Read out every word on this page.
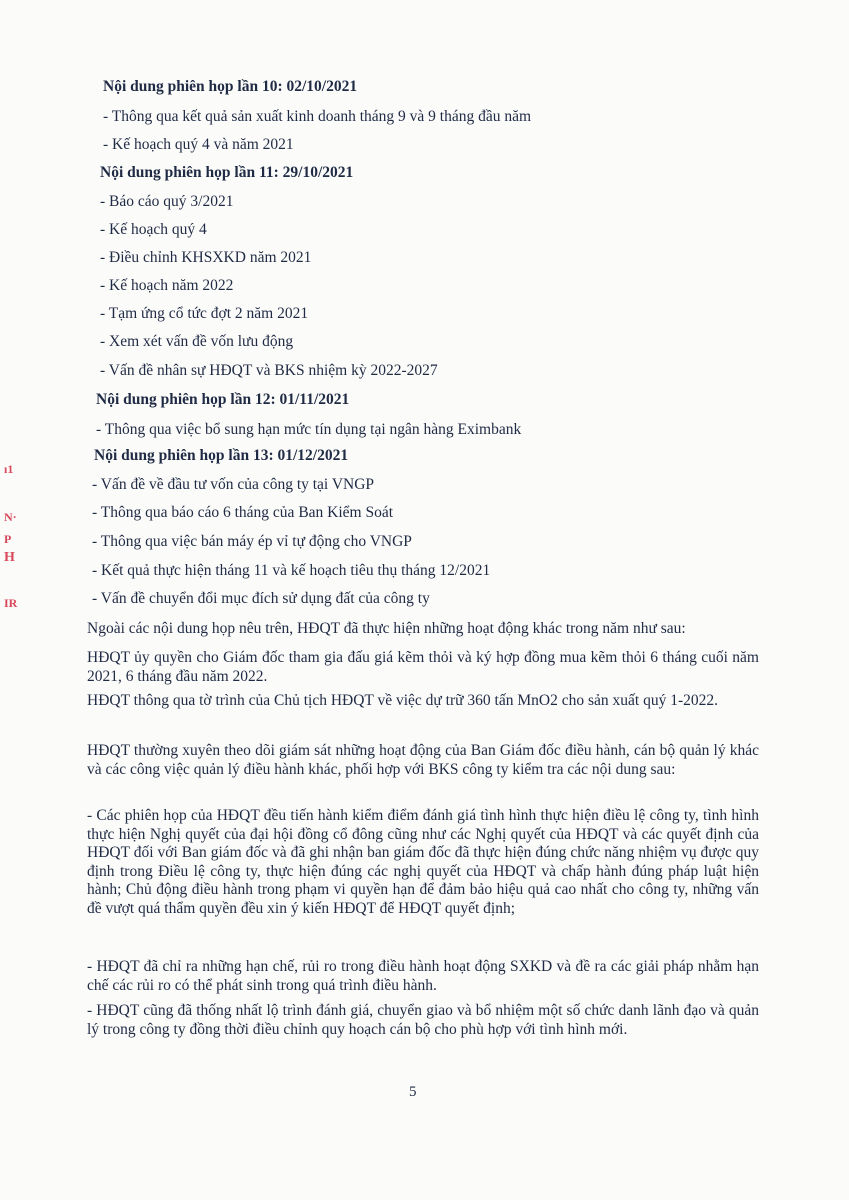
ı1
N·
P
H
IR
Nội dung phiên họp lần 10: 02/10/2021
- Thông qua kết quả sản xuất kinh doanh tháng 9 và 9 tháng đầu năm
- Kế hoạch quý 4 và năm 2021
Nội dung phiên họp lần 11: 29/10/2021
- Báo cáo quý 3/2021
- Kế hoạch quý 4
- Điều chỉnh KHSXKD năm 2021
- Kế hoạch năm 2022
- Tạm ứng cổ tức đợt 2 năm 2021
- Xem xét vấn đề vốn lưu động
- Vấn đề nhân sự HĐQT và BKS nhiệm kỳ 2022-2027
Nội dung phiên họp lần 12: 01/11/2021
- Thông qua việc bổ sung hạn mức tín dụng tại ngân hàng Eximbank
Nội dung phiên họp lần 13: 01/12/2021
- Vấn đề về đầu tư vốn của công ty tại VNGP
- Thông qua báo cáo 6 tháng của Ban Kiểm Soát
- Thông qua việc bán máy ép vỉ tự động cho VNGP
- Kết quả thực hiện tháng 11 và kế hoạch tiêu thụ tháng 12/2021
- Vấn đề chuyển đổi mục đích sử dụng đất của công ty
Ngoài các nội dung họp nêu trên, HĐQT đã thực hiện những hoạt động khác trong năm như sau:
HĐQT ủy quyền cho Giám đốc tham gia đấu giá kẽm thỏi và ký hợp đồng mua kẽm thỏi 6 tháng cuối năm 2021, 6 tháng đầu năm 2022.
HĐQT thông qua tờ trình của Chủ tịch HĐQT về việc dự trữ 360 tấn MnO2 cho sản xuất quý 1-2022.
HĐQT thường xuyên theo dõi giám sát những hoạt động của Ban Giám đốc điều hành, cán bộ quản lý khác và các công việc quản lý điều hành khác, phối hợp với BKS công ty kiểm tra các nội dung sau:
- Các phiên họp của HĐQT đều tiến hành kiểm điểm đánh giá tình hình thực hiện điều lệ công ty, tình hình thực hiện Nghị quyết của đại hội đồng cổ đông cũng như các Nghị quyết của HĐQT và các quyết định của HĐQT đối với Ban giám đốc và đã ghi nhận ban giám đốc đã thực hiện đúng chức năng nhiệm vụ được quy định trong Điều lệ công ty, thực hiện đúng các nghị quyết của HĐQT và chấp hành đúng pháp luật hiện hành; Chủ động điều hành trong phạm vi quyền hạn để đảm bảo hiệu quả cao nhất cho công ty, những vấn đề vượt quá thẩm quyền đều xin ý kiến HĐQT để HĐQT quyết định;
- HĐQT đã chỉ ra những hạn chế, rủi ro trong điều hành hoạt động SXKD và đề ra các giải pháp nhằm hạn chế các rủi ro có thể phát sinh trong quá trình điều hành.
- HĐQT cũng đã thống nhất lộ trình đánh giá, chuyển giao và bổ nhiệm một số chức danh lãnh đạo và quản lý trong công ty đồng thời điều chỉnh quy hoạch cán bộ cho phù hợp với tình hình mới.
5
